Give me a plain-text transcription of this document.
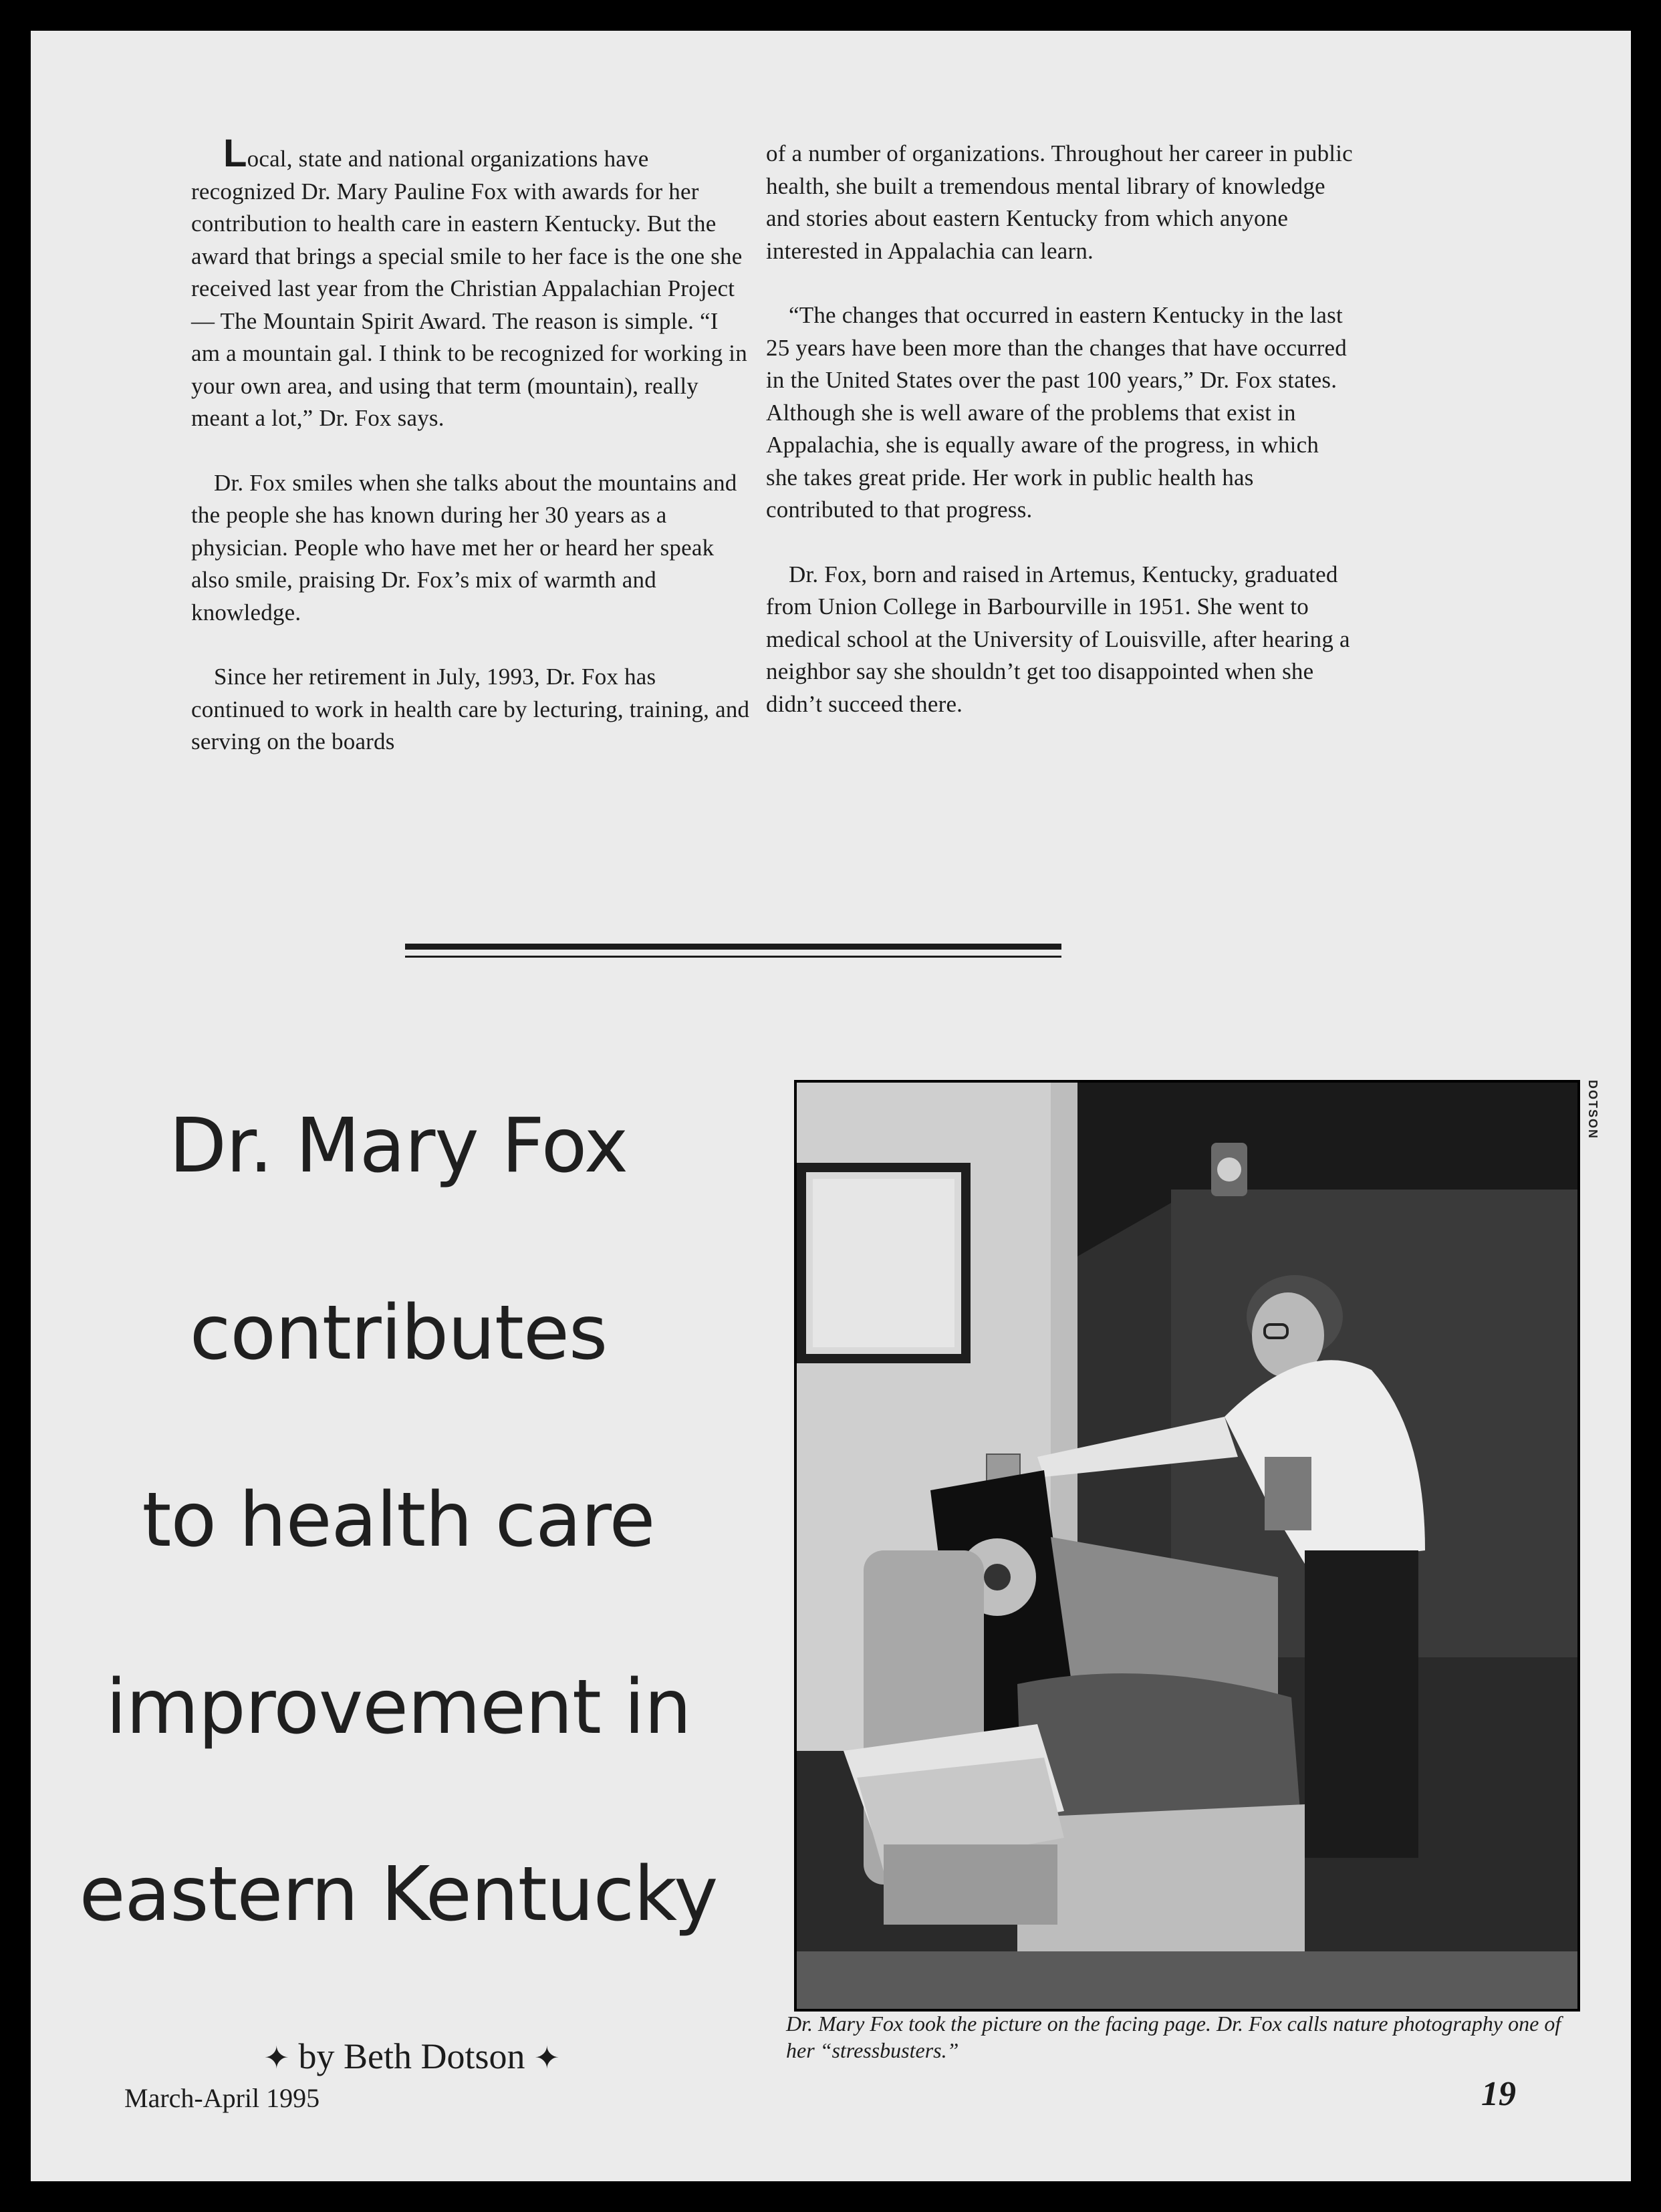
Local, state and national organizations have recognized Dr. Mary Pauline Fox with awards for her contribution to health care in eastern Kentucky. But the award that brings a special smile to her face is the one she received last year from the Christian Appalachian Project — The Mountain Spirit Award. The reason is simple. “I am a mountain gal. I think to be recognized for working in your own area, and using that term (mountain), really meant a lot,” Dr. Fox says.

Dr. Fox smiles when she talks about the mountains and the people she has known during her 30 years as a physician. People who have met her or heard her speak also smile, praising Dr. Fox’s mix of warmth and knowledge.

Since her retirement in July, 1993, Dr. Fox has continued to work in health care by lecturing, training, and serving on the boards

of a number of organizations. Throughout her career in public health, she built a tremendous mental library of knowledge and stories about eastern Kentucky from which anyone interested in Appalachia can learn.

“The changes that occurred in eastern Kentucky in the last 25 years have been more than the changes that have occurred in the United States over the past 100 years,” Dr. Fox states. Although she is well aware of the problems that exist in Appalachia, she is equally aware of the progress, in which she takes great pride. Her work in public health has contributed to that progress.

Dr. Fox, born and raised in Artemus, Kentucky, graduated from Union College in Barbourville in 1951. She went to medical school at the University of Louisville, after hearing a neighbor say she shouldn’t get too disappointed when she didn’t succeed there.

Dr. Mary Fox
contributes
to health care
improvement in
eastern Kentucky
✦ by Beth Dotson ✦
DOTSON
Dr. Mary Fox took the picture on the facing page. Dr. Fox calls nature photography one of her “stressbusters.”
March-April 1995	19
